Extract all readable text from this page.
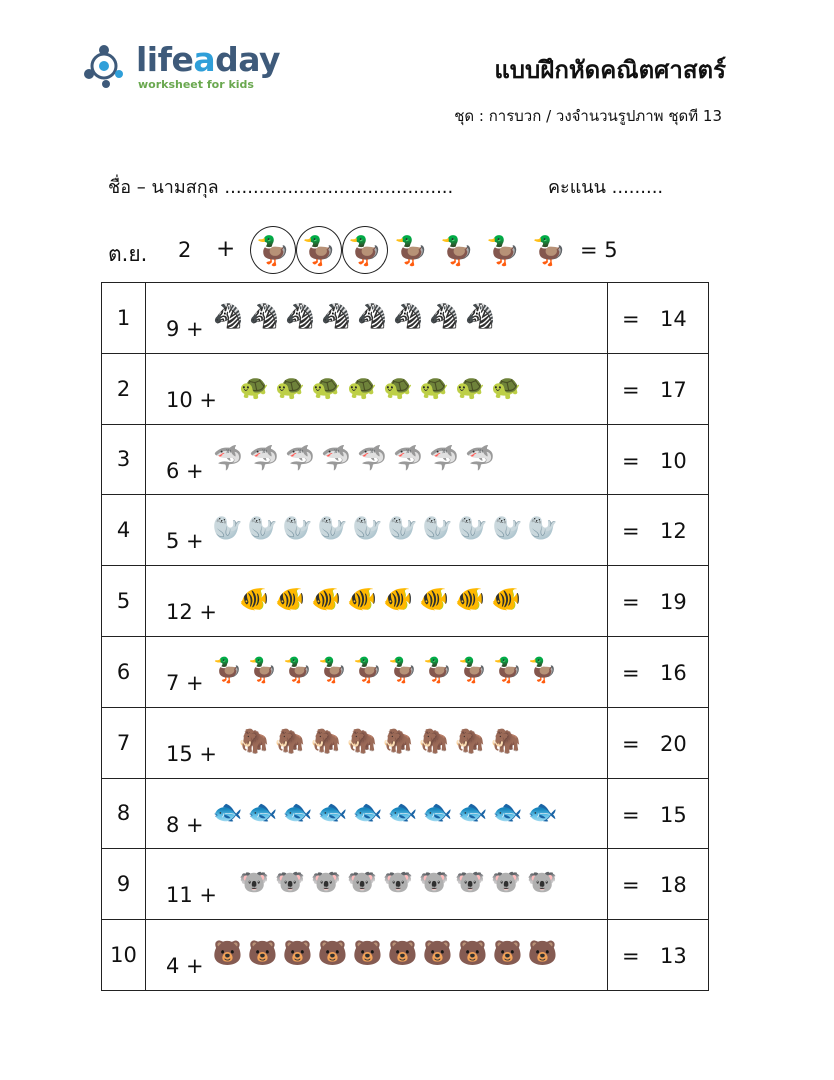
lifeaday
worksheet for kids
แบบฝึกหัดคณิตศาสตร์
ชุด : การบวก / วงจำนวนรูปภาพ ชุดที 13
ชื่อ – นามสกุล ........................................	คะแนน .........
ต.ย. 2 + 🦆 🦆 🦆 🦆 🦆 🦆 🦆 = 5
1	9 + 🦓 🦓 🦓 🦓 🦓 🦓 🦓 🦓	= 14
2	10 + 🐢 🐢 🐢 🐢 🐢 🐢 🐢 🐢	= 17
3	6 + 🦈 🦈 🦈 🦈 🦈 🦈 🦈 🦈	= 10
4	5 + 🦭 🦭 🦭 🦭 🦭 🦭 🦭 🦭 🦭 🦭	= 12
5	12 + 🐠 🐠 🐠 🐠 🐠 🐠 🐠 🐠	= 19
6	7 + 🦆 🦆 🦆 🦆 🦆 🦆 🦆 🦆 🦆 🦆	= 16
7	15 + 🦣 🦣 🦣 🦣 🦣 🦣 🦣 🦣	= 20
8	8 + 🐟 🐟 🐟 🐟 🐟 🐟 🐟 🐟 🐟 🐟	= 15
9	11 + 🐨 🐨 🐨 🐨 🐨 🐨 🐨 🐨 🐨	= 18
10	4 + 🐻 🐻 🐻 🐻 🐻 🐻 🐻 🐻 🐻 🐻	= 13
